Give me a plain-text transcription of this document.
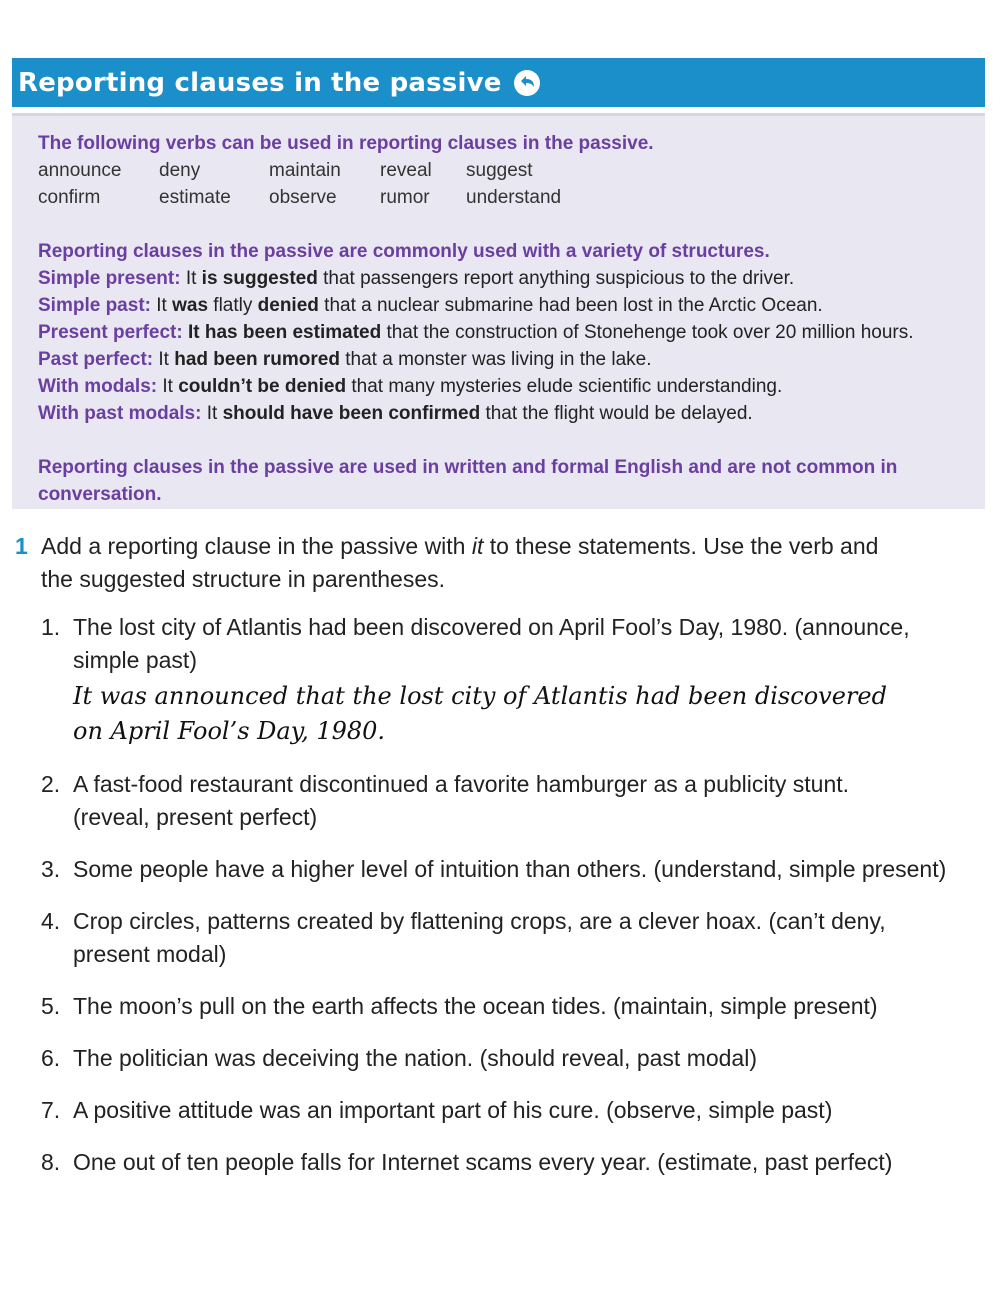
Reporting clauses in the passive
The following verbs can be used in reporting clauses in the passive.
announce	deny	maintain	reveal	suggest
confirm	estimate	observe	rumor	understand
Reporting clauses in the passive are commonly used with a variety of structures.
Simple present: It is suggested that passengers report anything suspicious to the driver.
Simple past: It was flatly denied that a nuclear submarine had been lost in the Arctic Ocean.
Present perfect: It has been estimated that the construction of Stonehenge took over 20 million hours.
Past perfect: It had been rumored that a monster was living in the lake.
With modals: It couldn’t be denied that many mysteries elude scientific understanding.
With past modals: It should have been confirmed that the flight would be delayed.
Reporting clauses in the passive are used in written and formal English and are not common in conversation.
1 Add a reporting clause in the passive with it to these statements. Use the verb and the suggested structure in parentheses.
1. The lost city of Atlantis had been discovered on April Fool’s Day, 1980. (announce, simple past)
It was announced that the lost city of Atlantis had been discovered on April Fool’s Day, 1980.
2. A fast-food restaurant discontinued a favorite hamburger as a publicity stunt. (reveal, present perfect)
3. Some people have a higher level of intuition than others. (understand, simple present)
4. Crop circles, patterns created by flattening crops, are a clever hoax. (can’t deny, present modal)
5. The moon’s pull on the earth affects the ocean tides. (maintain, simple present)
6. The politician was deceiving the nation. (should reveal, past modal)
7. A positive attitude was an important part of his cure. (observe, simple past)
8. One out of ten people falls for Internet scams every year. (estimate, past perfect)
